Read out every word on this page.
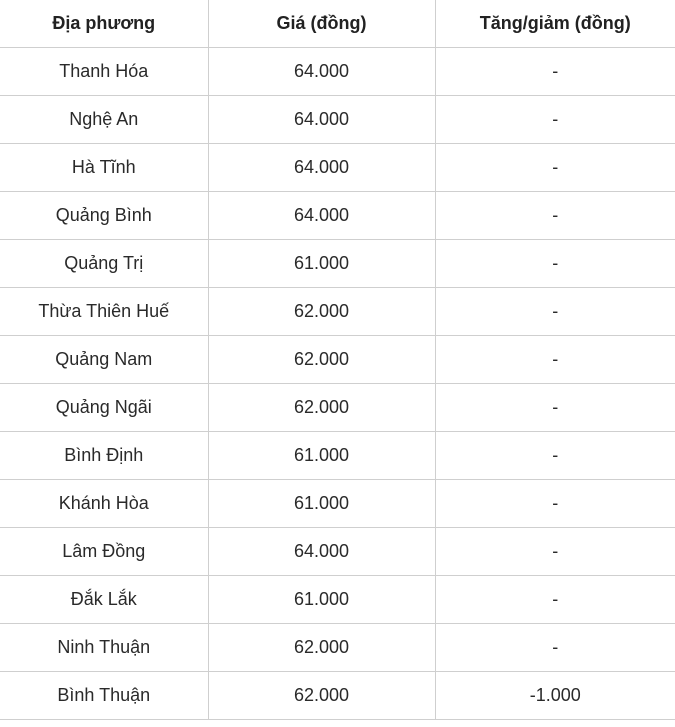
Địa phương	Giá (đồng)	Tăng/giảm (đồng)
Thanh Hóa	64.000	-
Nghệ An	64.000	-
Hà Tĩnh	64.000	-
Quảng Bình	64.000	-
Quảng Trị	61.000	-
Thừa Thiên Huế	62.000	-
Quảng Nam	62.000	-
Quảng Ngãi	62.000	-
Bình Định	61.000	-
Khánh Hòa	61.000	-
Lâm Đồng	64.000	-
Đắk Lắk	61.000	-
Ninh Thuận	62.000	-
Bình Thuận	62.000	-1.000
